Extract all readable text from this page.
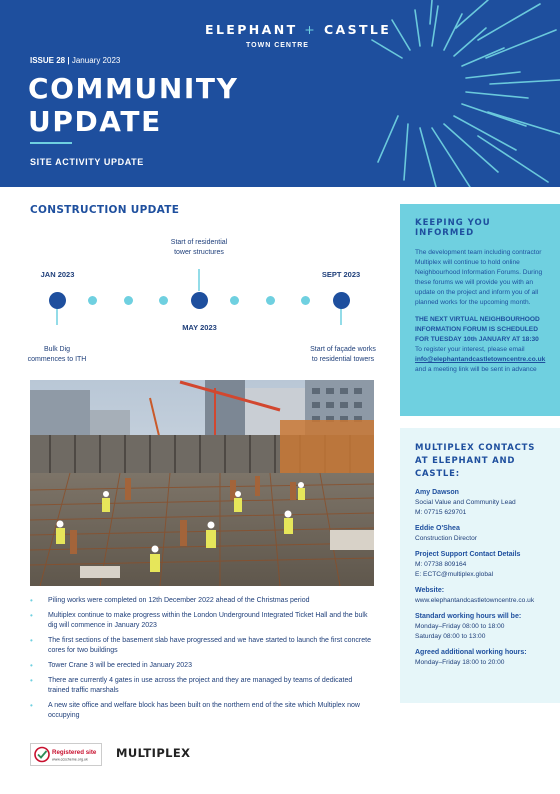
ELEPHANT + CASTLE
TOWN CENTRE
ISSUE 28 | January 2023
COMMUNITY
UPDATE
SITE ACTIVITY UPDATE
CONSTRUCTION UPDATE
JAN 2023
Bulk Dig
commences to ITH
Start of residential
tower structures
MAY 2023
SEPT 2023
Start of façade works
to residential towers
• Piling works were completed on 12th December 2022 ahead of the Christmas period
• Multiplex continue to make progress within the London Underground Integrated Ticket Hall and the bulk dig will commence in January 2023
• The first sections of the basement slab have progressed and we have started to launch the first concrete cores for two buildings
• Tower Crane 3 will be erected in January 2023
• There are currently 4 gates in use across the project and they are managed by teams of dedicated trained traffic marshals
• A new site office and welfare block has been built on the northern end of the site which Multiplex now occupying
Registered site
www.ccscheme.org.uk MULTIPLEX
KEEPING YOU INFORMED
The development team including contractor Multiplex will continue to hold online Neighbourhood Information Forums. During these forums we will provide you with an update on the project and inform you of all planned works for the upcoming month.
THE NEXT VIRTUAL NEIGHBOURHOOD INFORMATION FORUM IS SCHEDULED FOR TUESDAY 10th JANUARY AT 18:30
To register your interest, please email info@elephantandcastletowncentre.co.uk and a meeting link will be sent in advance
MULTIPLEX CONTACTS AT ELEPHANT AND CASTLE:
Amy Dawson
Social Value and Community Lead
M: 07715 629701
Eddie O'Shea
Construction Director
Project Support Contact Details
M: 07738 809164
E: ECTC@multiplex.global
Website:
www.elephantandcastletowncentre.co.uk
Standard working hours will be:
Monday–Friday 08:00 to 18:00
Saturday 08:00 to 13:00
Agreed additional working hours:
Monday–Friday 18:00 to 20:00
